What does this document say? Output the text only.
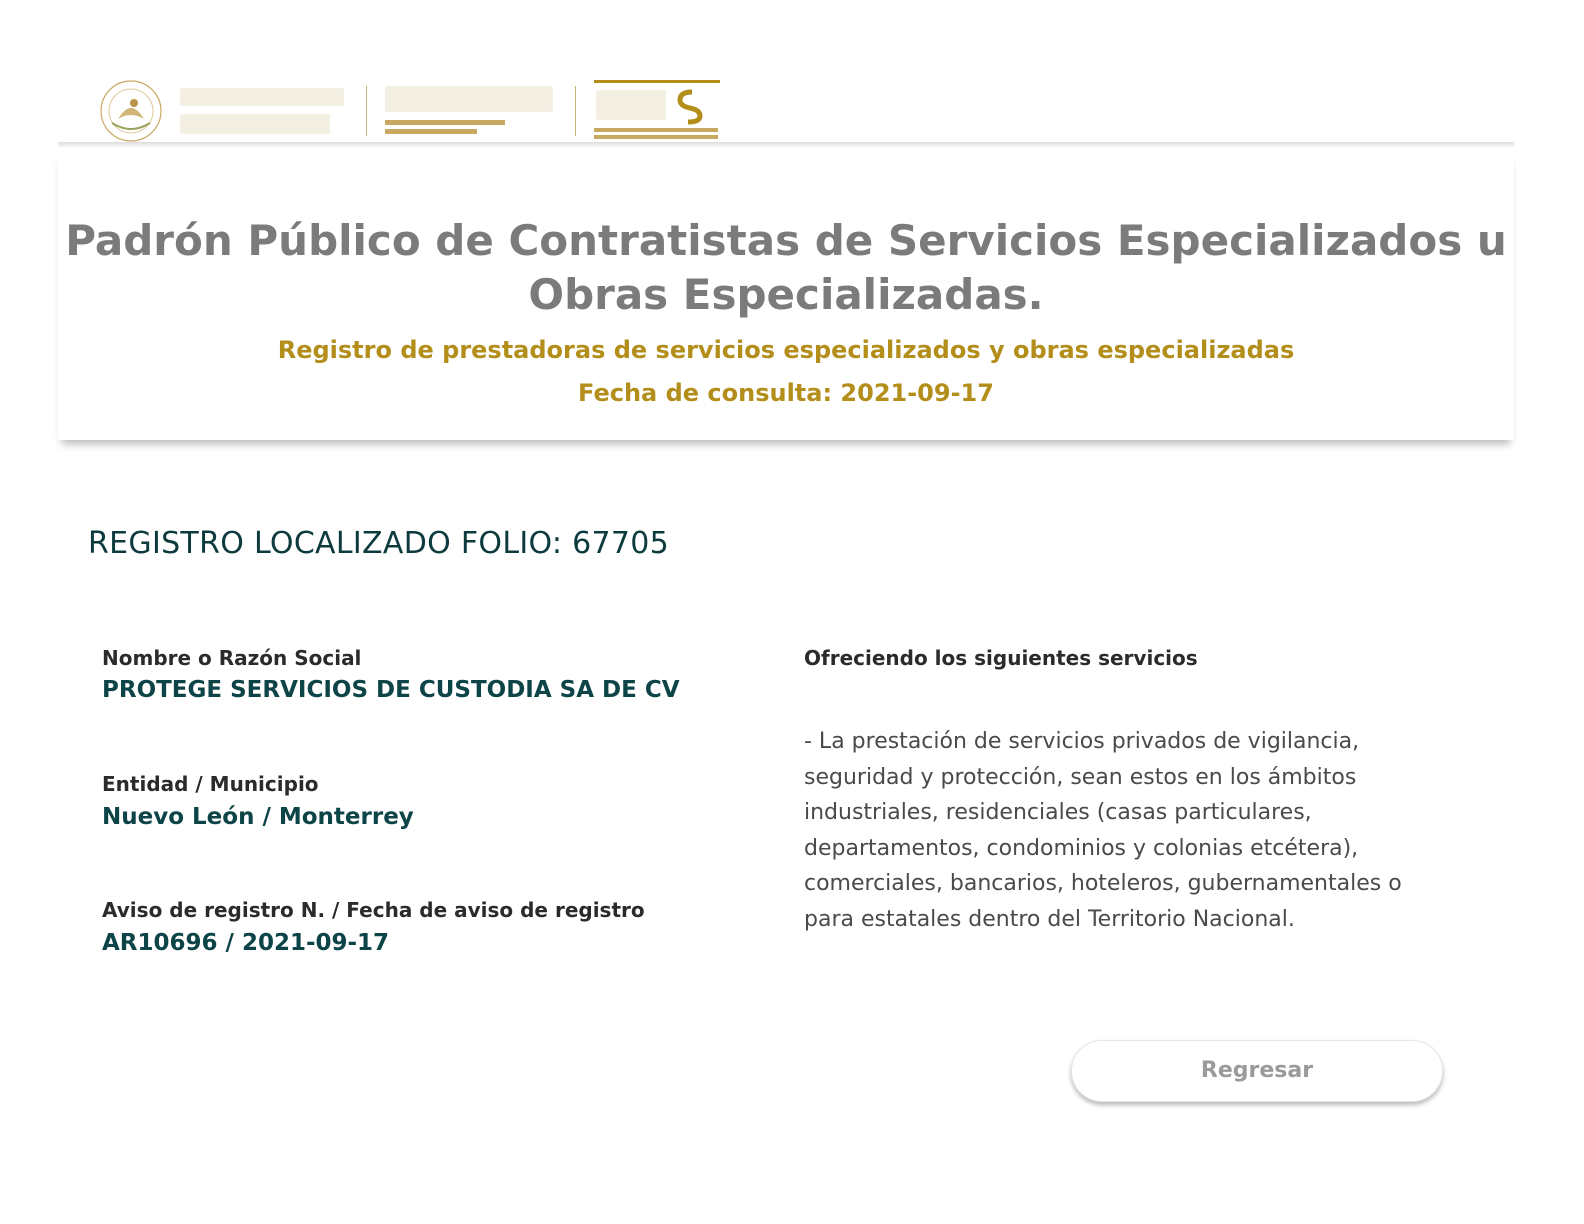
Padrón Público de Contratistas de Servicios Especializados u Obras Especializadas.

Registro de prestadoras de servicios especializados y obras especializadas

Fecha de consulta: 2021-09-17

REGISTRO LOCALIZADO FOLIO: 67705
Nombre o Razón Social
PROTEGE SERVICIOS DE CUSTODIA SA DE CV
Entidad / Municipio
Nuevo León / Monterrey
Aviso de registro N. / Fecha de aviso de registro
AR10696 / 2021-09-17
Ofreciendo los siguientes servicios

- La prestación de servicios privados de vigilancia, seguridad y protección, sean estos en los ámbitos industriales, residenciales (casas particulares, departamentos, condominios y colonias etcétera), comerciales, bancarios, hoteleros, gubernamentales o para estatales dentro del Territorio Nacional.

Regresar
